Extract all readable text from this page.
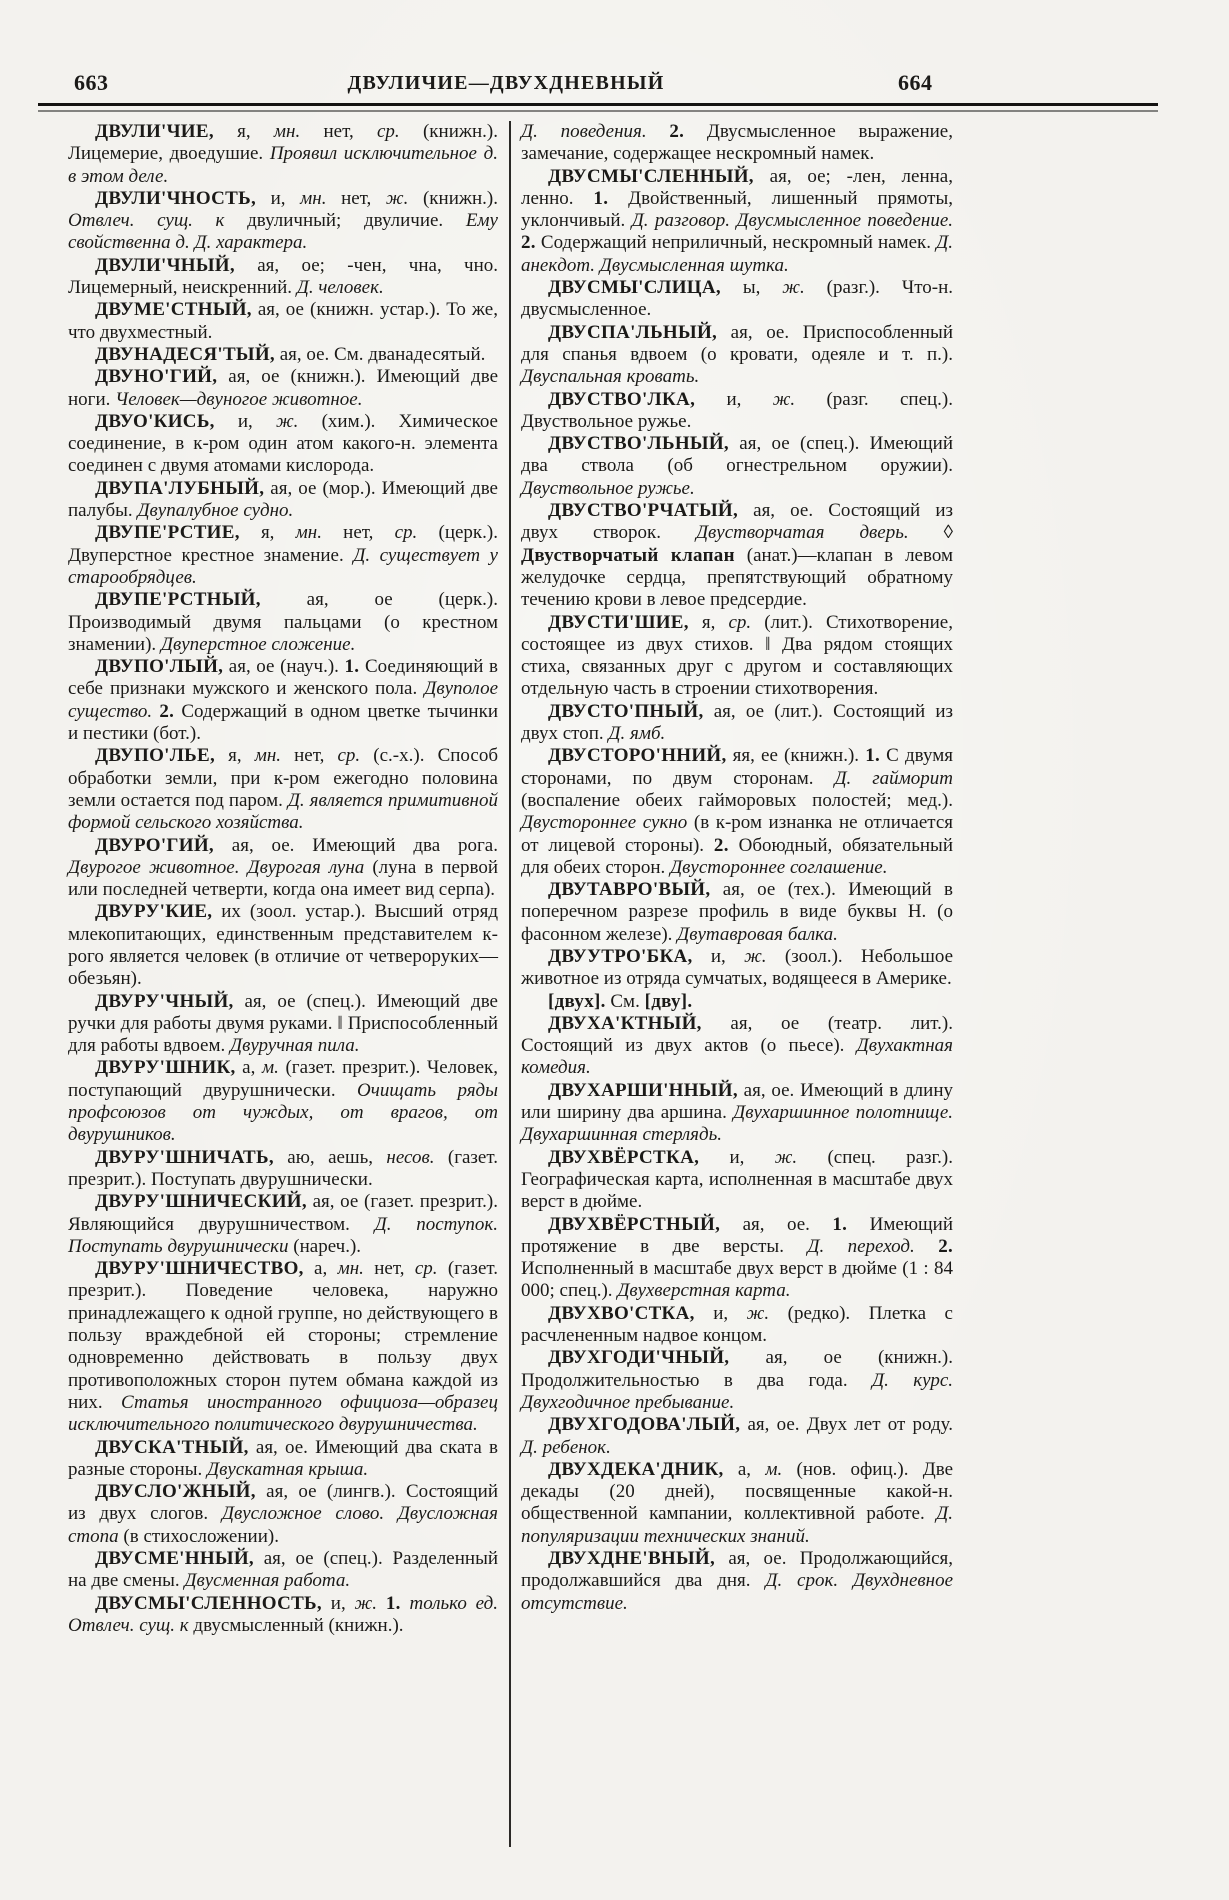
663	ДВУЛИЧИЕ—ДВУХДНЕВНЫЙ	664

ДВУЛИ'ЧИЕ, я, мн. нет, ср. (книжн.). Лицемерие, двоедушие. Проявил исключительное д. в этом деле.

ДВУЛИ'ЧНОСТЬ, и, мн. нет, ж. (книжн.). Отвлеч. сущ. к двуличный; двуличие. Ему свойственна д. Д. характера.

ДВУЛИ'ЧНЫЙ, ая, ое; -чен, чна, чно. Лицемерный, неискренний. Д. человек.

ДВУМЕ'СТНЫЙ, ая, ое (книжн. устар.). То же, что двухместный.

ДВУНАДЕСЯ'ТЫЙ, ая, ое. См. дванадесятый.

ДВУНО'ГИЙ, ая, ое (книжн.). Имеющий две ноги. Человек—двуногое животное.

ДВУО'КИСЬ, и, ж. (хим.). Химическое соединение, в к-ром один атом какого-н. элемента соединен с двумя атомами кислорода.

ДВУПА'ЛУБНЫЙ, ая, ое (мор.). Имеющий две палубы. Двупалубное судно.

ДВУПЕ'РСТИЕ, я, мн. нет, ср. (церк.). Двуперстное крестное знамение. Д. существует у старообрядцев.

ДВУПЕ'РСТНЫЙ, ая, ое (церк.). Производимый двумя пальцами (о крестном знамении). Двуперстное сложение.

ДВУПО'ЛЫЙ, ая, ое (науч.). 1. Соединяющий в себе признаки мужского и женского пола. Двуполое существо. 2. Содержащий в одном цветке тычинки и пестики (бот.).

ДВУПО'ЛЬЕ, я, мн. нет, ср. (с.-х.). Способ обработки земли, при к-ром ежегодно половина земли остается под паром. Д. является примитивной формой сельского хозяйства.

ДВУРО'ГИЙ, ая, ое. Имеющий два рога. Двурогое животное. Двурогая луна (луна в первой или последней четверти, когда она имеет вид серпа).

ДВУРУ'КИЕ, их (зоол. устар.). Высший отряд млекопитающих, единственным представителем к-рого является человек (в отличие от четвероруких—обезьян).

ДВУРУ'ЧНЫЙ, ая, ое (спец.). Имеющий две ручки для работы двумя руками. ‖ Приспособленный для работы вдвоем. Двуручная пила.

ДВУРУ'ШНИК, а, м. (газет. презрит.). Человек, поступающий двурушнически. Очищать ряды профсоюзов от чуждых, от врагов, от двурушников.

ДВУРУ'ШНИЧАТЬ, аю, аешь, несов. (газет. презрит.). Поступать двурушнически.

ДВУРУ'ШНИЧЕСКИЙ, ая, ое (газет. презрит.). Являющийся двурушничеством. Д. поступок. Поступать двурушнически (нареч.).

ДВУРУ'ШНИЧЕСТВО, а, мн. нет, ср. (газет. презрит.). Поведение человека, наружно принадлежащего к одной группе, но действующего в пользу враждебной ей стороны; стремление одновременно действовать в пользу двух противоположных сторон путем обмана каждой из них. Статья иностранного официоза—образец исключительного политического двурушничества.

ДВУСКА'ТНЫЙ, ая, ое. Имеющий два ската в разные стороны. Двускатная крыша.

ДВУСЛО'ЖНЫЙ, ая, ое (лингв.). Состоящий из двух слогов. Двусложное слово. Двусложная стопа (в стихосложении).

ДВУСМЕ'ННЫЙ, ая, ое (спец.). Разделенный на две смены. Двусменная работа.

ДВУСМЫ'СЛЕННОСТЬ, и, ж. 1. только ед. Отвлеч. сущ. к двусмысленный (книжн.).

Д. поведения. 2. Двусмысленное выражение, замечание, содержащее нескромный намек.

ДВУСМЫ'СЛЕННЫЙ, ая, ое; -лен, ленна, ленно. 1. Двойственный, лишенный прямоты, уклончивый. Д. разговор. Двусмысленное поведение. 2. Содержащий неприличный, нескромный намек. Д. анекдот. Двусмысленная шутка.

ДВУСМЫ'СЛИЦА, ы, ж. (разг.). Что-н. двусмысленное.

ДВУСПА'ЛЬНЫЙ, ая, ое. Приспособленный для спанья вдвоем (о кровати, одеяле и т. п.). Двуспальная кровать.

ДВУСТВО'ЛКА, и, ж. (разг. спец.). Двуствольное ружье.

ДВУСТВО'ЛЬНЫЙ, ая, ое (спец.). Имеющий два ствола (об огнестрельном оружии). Двуствольное ружье.

ДВУСТВО'РЧАТЫЙ, ая, ое. Состоящий из двух створок. Двустворчатая дверь. ◊ Двустворчатый клапан (анат.)—клапан в левом желудочке сердца, препятствующий обратному течению крови в левое предсердие.

ДВУСТИ'ШИЕ, я, ср. (лит.). Стихотворение, состоящее из двух стихов. ‖ Два рядом стоящих стиха, связанных друг с другом и составляющих отдельную часть в строении стихотворения.

ДВУСТО'ПНЫЙ, ая, ое (лит.). Состоящий из двух стоп. Д. ямб.

ДВУСТОРО'ННИЙ, яя, ее (книжн.). 1. С двумя сторонами, по двум сторонам. Д. гайморит (воспаление обеих гайморовых полостей; мед.). Двустороннее сукно (в к-ром изнанка не отличается от лицевой стороны). 2. Обоюдный, обязательный для обеих сторон. Двустороннее соглашение.

ДВУТАВРО'ВЫЙ, ая, ое (тех.). Имеющий в поперечном разрезе профиль в виде буквы Н. (о фасонном железе). Двутавровая балка.

ДВУУТРО'БКА, и, ж. (зоол.). Небольшое животное из отряда сумчатых, водящееся в Америке.

[двух]. См. [дву].

ДВУХА'КТНЫЙ, ая, ое (театр. лит.). Состоящий из двух актов (о пьесе). Двухактная комедия.

ДВУХАРШИ'ННЫЙ, ая, ое. Имеющий в длину или ширину два аршина. Двухаршинное полотнище. Двухаршинная стерлядь.

ДВУХВЁРСТКА, и, ж. (спец. разг.). Географическая карта, исполненная в масштабе двух верст в дюйме.

ДВУХВЁРСТНЫЙ, ая, ое. 1. Имеющий протяжение в две версты. Д. переход. 2. Исполненный в масштабе двух верст в дюйме (1 : 84 000; спец.). Двухверстная карта.

ДВУХВО'СТКА, и, ж. (редко). Плетка с расчлененным надвое концом.

ДВУХГОДИ'ЧНЫЙ, ая, ое (книжн.). Продолжительностью в два года. Д. курс. Двухгодичное пребывание.

ДВУХГОДОВА'ЛЫЙ, ая, ое. Двух лет от роду. Д. ребенок.

ДВУХДЕКА'ДНИК, а, м. (нов. офиц.). Две декады (20 дней), посвященные какой-н. общественной кампании, коллективной работе. Д. популяризации технических знаний.

ДВУХДНЕ'ВНЫЙ, ая, ое. Продолжающийся, продолжавшийся два дня. Д. срок. Двухдневное отсутствие.
